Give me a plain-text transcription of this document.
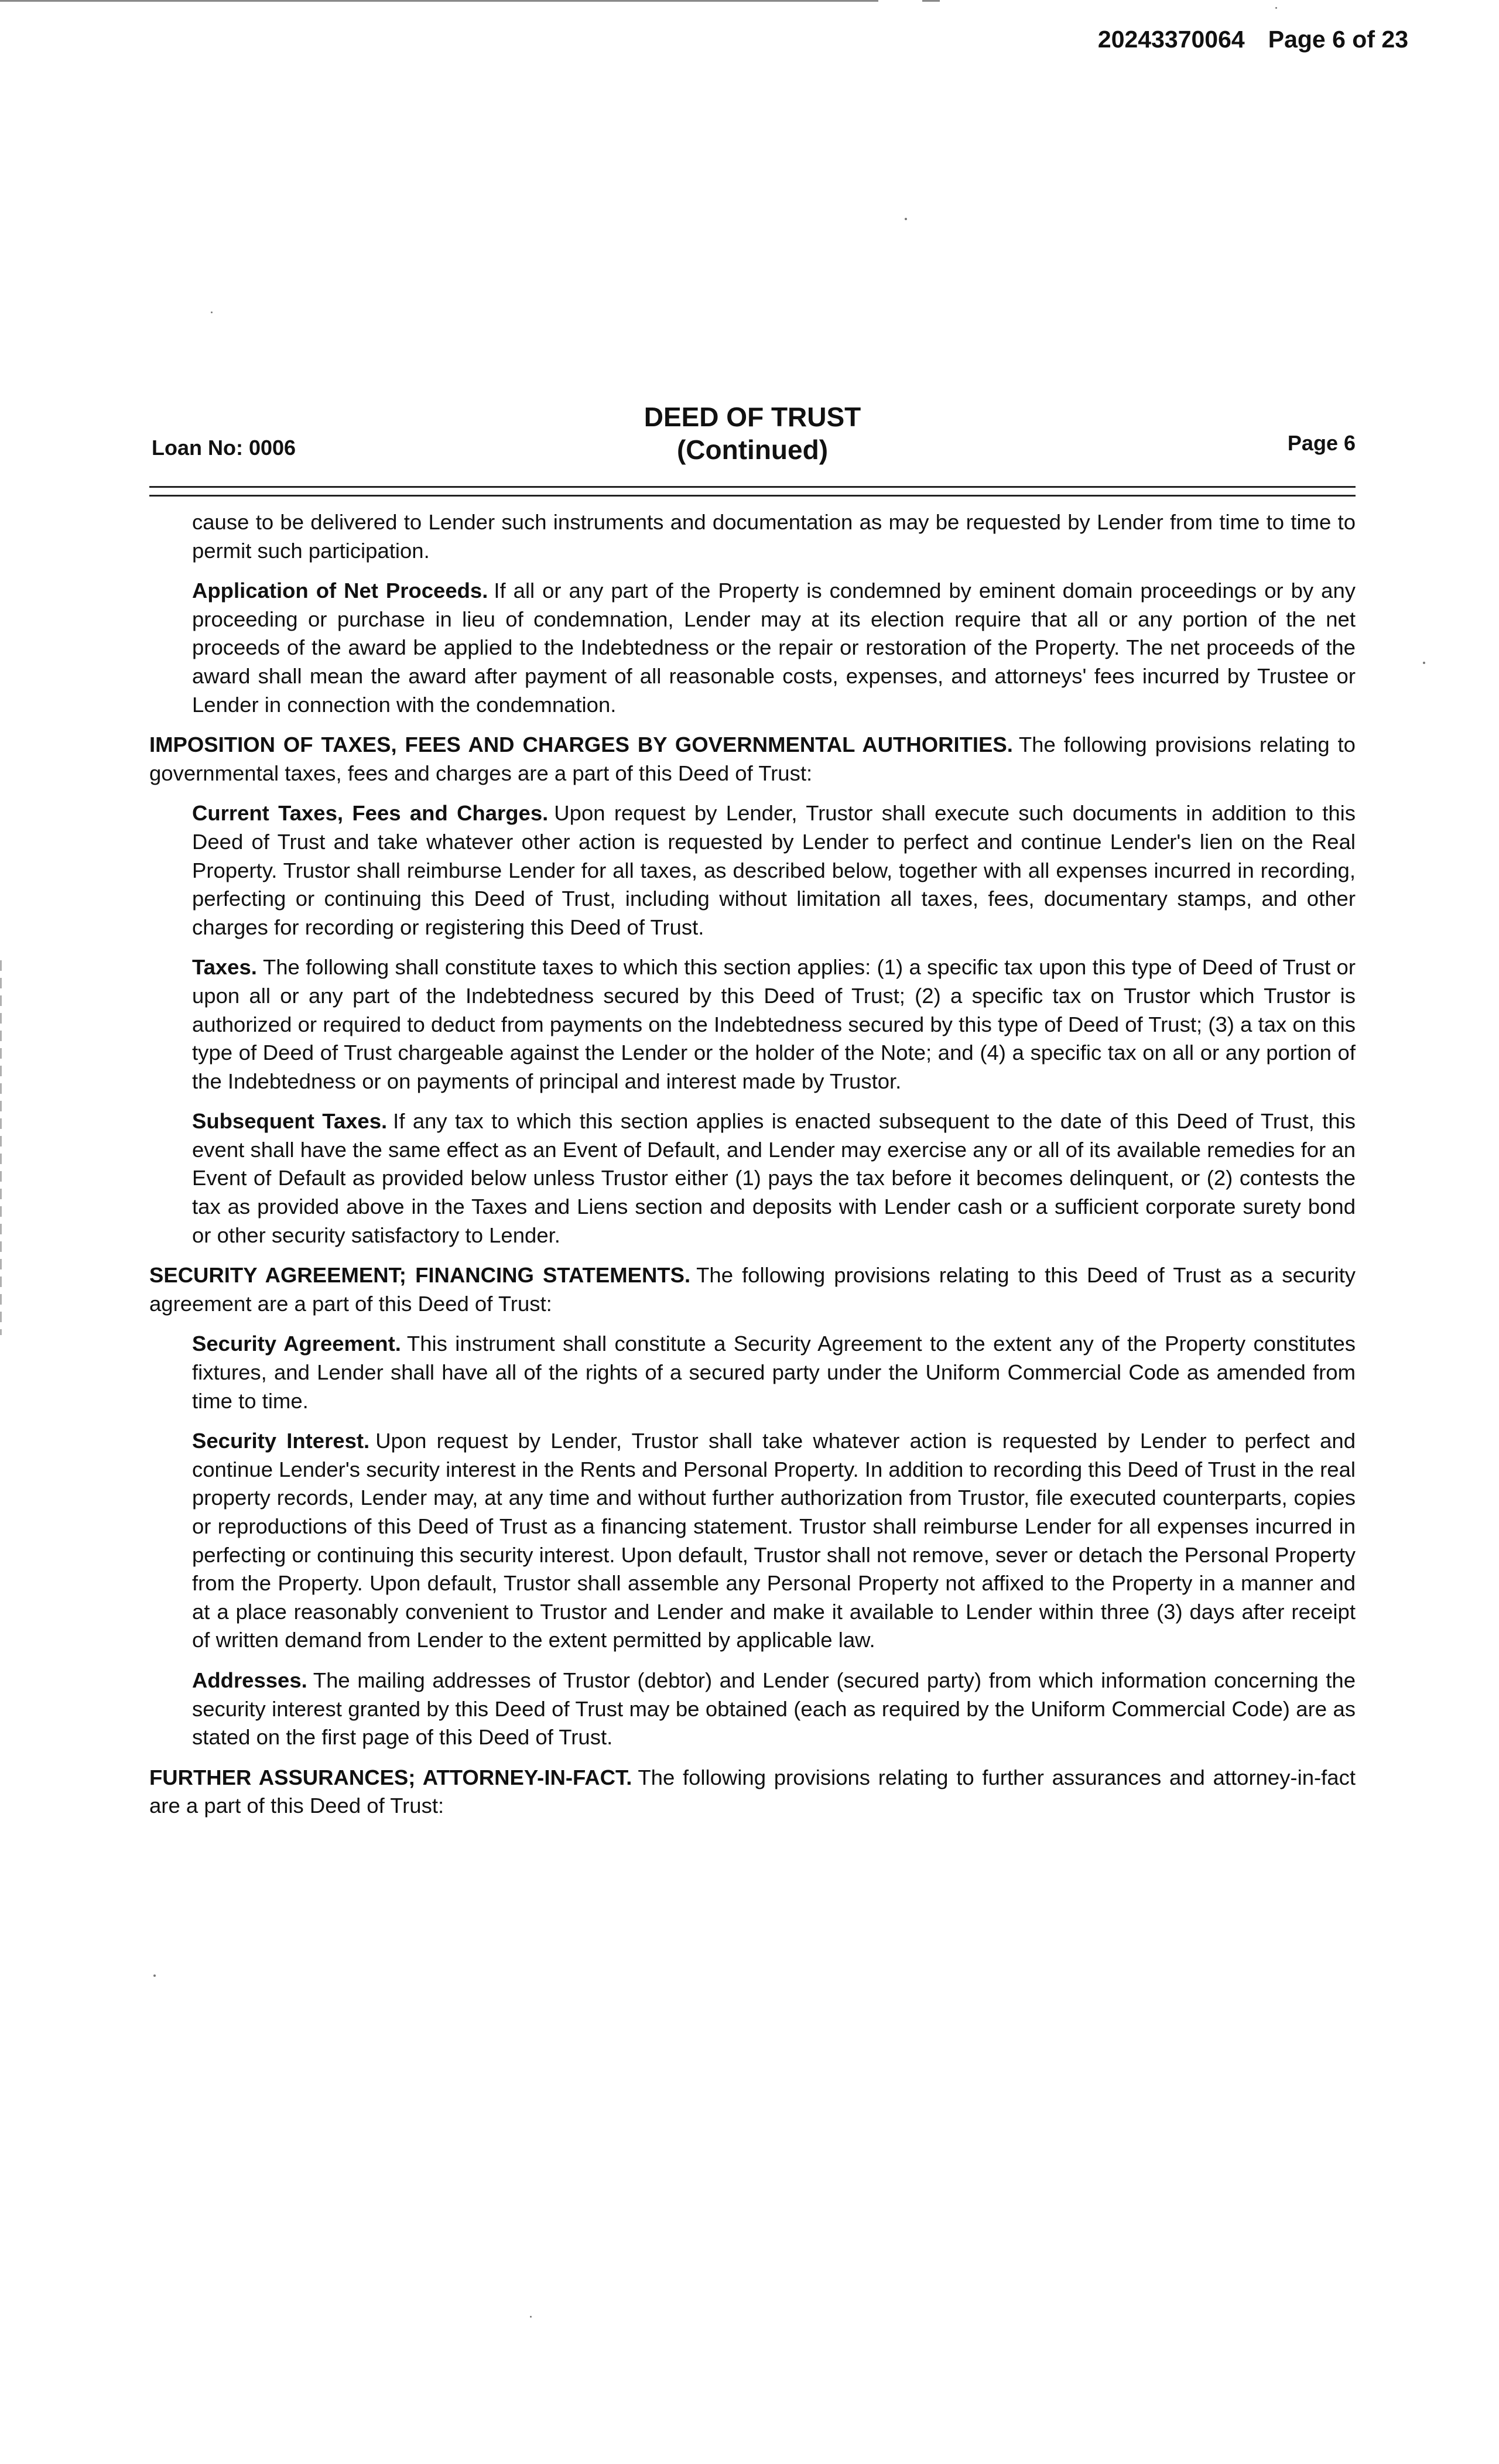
20243370064 Page 6 of 23
Loan No: 0006
DEED OF TRUST
(Continued)	Page 6

cause to be delivered to Lender such instruments and documentation as may be requested by Lender from time to time to permit such participation.

Application of Net Proceeds. If all or any part of the Property is condemned by eminent domain proceedings or by any proceeding or purchase in lieu of condemnation, Lender may at its election require that all or any portion of the net proceeds of the award be applied to the Indebtedness or the repair or restoration of the Property. The net proceeds of the award shall mean the award after payment of all reasonable costs, expenses, and attorneys' fees incurred by Trustee or Lender in connection with the condemnation.

IMPOSITION OF TAXES, FEES AND CHARGES BY GOVERNMENTAL AUTHORITIES. The following provisions relating to governmental taxes, fees and charges are a part of this Deed of Trust:

Current Taxes, Fees and Charges. Upon request by Lender, Trustor shall execute such documents in addition to this Deed of Trust and take whatever other action is requested by Lender to perfect and continue Lender's lien on the Real Property. Trustor shall reimburse Lender for all taxes, as described below, together with all expenses incurred in recording, perfecting or continuing this Deed of Trust, including without limitation all taxes, fees, documentary stamps, and other charges for recording or registering this Deed of Trust.

Taxes. The following shall constitute taxes to which this section applies: (1) a specific tax upon this type of Deed of Trust or upon all or any part of the Indebtedness secured by this Deed of Trust; (2) a specific tax on Trustor which Trustor is authorized or required to deduct from payments on the Indebtedness secured by this type of Deed of Trust; (3) a tax on this type of Deed of Trust chargeable against the Lender or the holder of the Note; and (4) a specific tax on all or any portion of the Indebtedness or on payments of principal and interest made by Trustor.

Subsequent Taxes. If any tax to which this section applies is enacted subsequent to the date of this Deed of Trust, this event shall have the same effect as an Event of Default, and Lender may exercise any or all of its available remedies for an Event of Default as provided below unless Trustor either (1) pays the tax before it becomes delinquent, or (2) contests the tax as provided above in the Taxes and Liens section and deposits with Lender cash or a sufficient corporate surety bond or other security satisfactory to Lender.

SECURITY AGREEMENT; FINANCING STATEMENTS. The following provisions relating to this Deed of Trust as a security agreement are a part of this Deed of Trust:

Security Agreement. This instrument shall constitute a Security Agreement to the extent any of the Property constitutes fixtures, and Lender shall have all of the rights of a secured party under the Uniform Commercial Code as amended from time to time.

Security Interest. Upon request by Lender, Trustor shall take whatever action is requested by Lender to perfect and continue Lender's security interest in the Rents and Personal Property. In addition to recording this Deed of Trust in the real property records, Lender may, at any time and without further authorization from Trustor, file executed counterparts, copies or reproductions of this Deed of Trust as a financing statement. Trustor shall reimburse Lender for all expenses incurred in perfecting or continuing this security interest. Upon default, Trustor shall not remove, sever or detach the Personal Property from the Property. Upon default, Trustor shall assemble any Personal Property not affixed to the Property in a manner and at a place reasonably convenient to Trustor and Lender and make it available to Lender within three (3) days after receipt of written demand from Lender to the extent permitted by applicable law.

Addresses. The mailing addresses of Trustor (debtor) and Lender (secured party) from which information concerning the security interest granted by this Deed of Trust may be obtained (each as required by the Uniform Commercial Code) are as stated on the first page of this Deed of Trust.

FURTHER ASSURANCES; ATTORNEY-IN-FACT. The following provisions relating to further assurances and attorney-in-fact are a part of this Deed of Trust:
